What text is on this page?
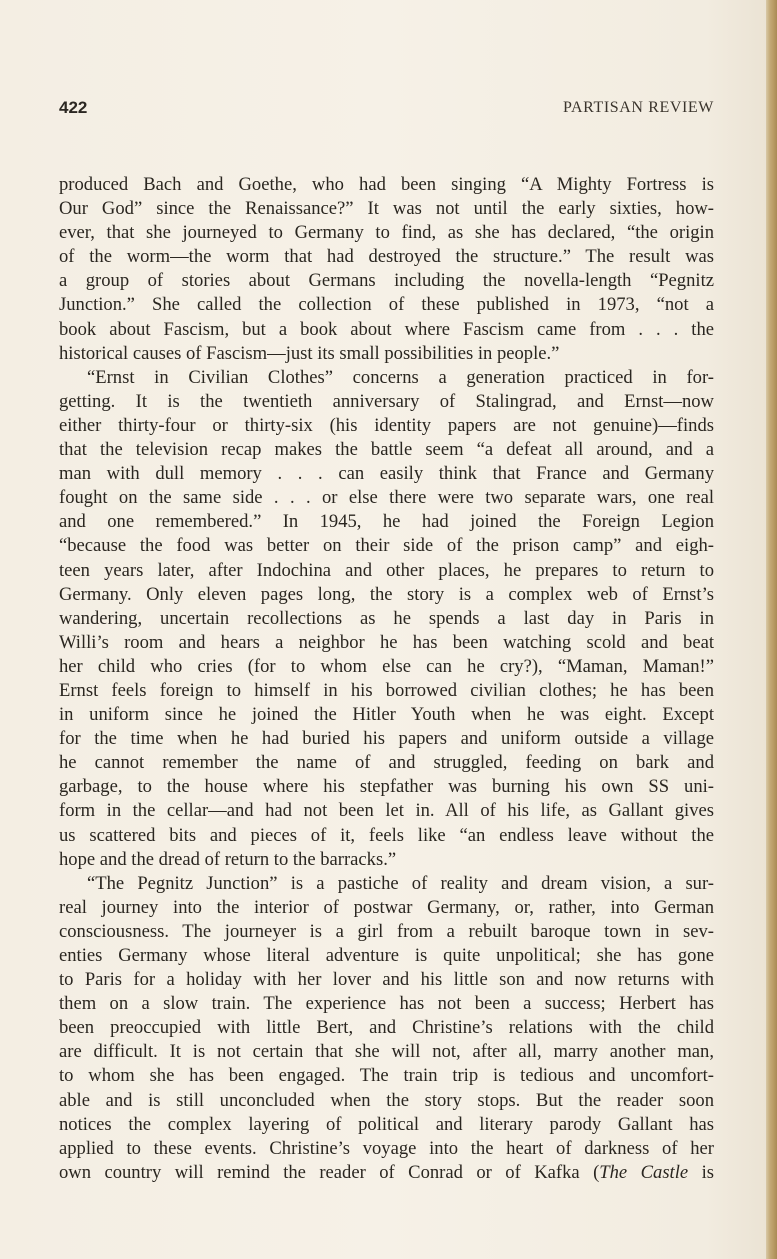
422	PARTISAN REVIEW
produced Bach and Goethe, who had been singing “A Mighty Fortress is
Our God” since the Renaissance?” It was not until the early sixties, how-
ever, that she journeyed to Germany to find, as she has declared, “the origin
of the worm—the worm that had destroyed the structure.” The result was
a group of stories about Germans including the novella-length “Pegnitz
Junction.” She called the collection of these published in 1973, “not a
book about Fascism, but a book about where Fascism came from . . . the
historical causes of Fascism—just its small possibilities in people.”
“Ernst in Civilian Clothes” concerns a generation practiced in for-
getting. It is the twentieth anniversary of Stalingrad, and Ernst—now
either thirty-four or thirty-six (his identity papers are not genuine)—finds
that the television recap makes the battle seem “a defeat all around, and a
man with dull memory . . . can easily think that France and Germany
fought on the same side . . . or else there were two separate wars, one real
and one remembered.” In 1945, he had joined the Foreign Legion
“because the food was better on their side of the prison camp” and eigh-
teen years later, after Indochina and other places, he prepares to return to
Germany. Only eleven pages long, the story is a complex web of Ernst’s
wandering, uncertain recollections as he spends a last day in Paris in
Willi’s room and hears a neighbor he has been watching scold and beat
her child who cries (for to whom else can he cry?), “Maman, Maman!”
Ernst feels foreign to himself in his borrowed civilian clothes; he has been
in uniform since he joined the Hitler Youth when he was eight. Except
for the time when he had buried his papers and uniform outside a village
he cannot remember the name of and struggled, feeding on bark and
garbage, to the house where his stepfather was burning his own SS uni-
form in the cellar—and had not been let in. All of his life, as Gallant gives
us scattered bits and pieces of it, feels like “an endless leave without the
hope and the dread of return to the barracks.”
“The Pegnitz Junction” is a pastiche of reality and dream vision, a sur-
real journey into the interior of postwar Germany, or, rather, into German
consciousness. The journeyer is a girl from a rebuilt baroque town in sev-
enties Germany whose literal adventure is quite unpolitical; she has gone
to Paris for a holiday with her lover and his little son and now returns with
them on a slow train. The experience has not been a success; Herbert has
been preoccupied with little Bert, and Christine’s relations with the child
are difficult. It is not certain that she will not, after all, marry another man,
to whom she has been engaged. The train trip is tedious and uncomfort-
able and is still unconcluded when the story stops. But the reader soon
notices the complex layering of political and literary parody Gallant has
applied to these events. Christine’s voyage into the heart of darkness of her
own country will remind the reader of Conrad or of Kafka (The Castle is
